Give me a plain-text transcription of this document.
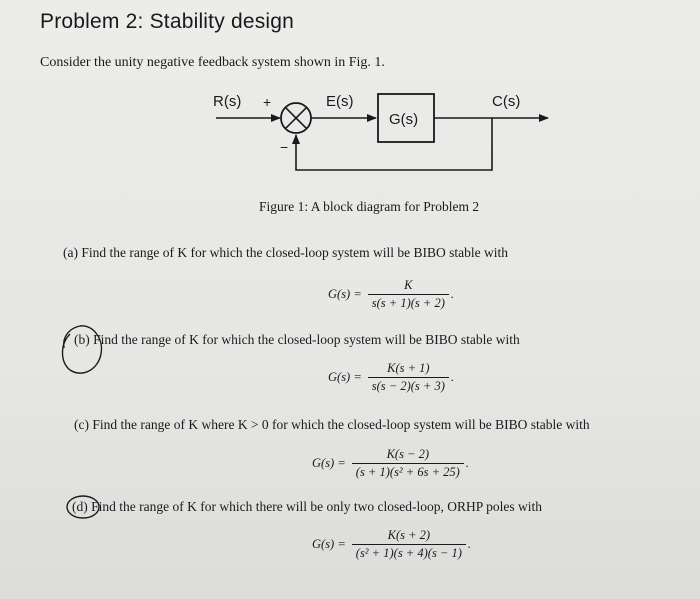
Problem 2: Stability design
Consider the unity negative feedback system shown in Fig. 1.
R(s) +	E(s)
G(s)
C(s)
−
Figure 1: A block diagram for Problem 2
(a) Find the range of K for which the closed-loop system will be BIBO stable with
$G(s) = \frac{K}{s(s + 1)(s + 2)}$ .
(b) Find the range of K for which the closed-loop system will be BIBO stable with
$G(s) = \frac{K(s + 1)}{s(s - 2)(s + 3)}$ .
(c) Find the range of K where K > 0 for which the closed-loop system will be BIBO stable with
$G(s) = \frac{K(s - 2)}{\text{(s + 1)(s² + 6s + 25)}}$ .
(d) Find the range of K for which there will be only two closed-loop, ORHP poles with
$G(s) = \frac{K(s + 2)}{\text{(s² + 1)(s + 4)(s − 1)}}$ .
